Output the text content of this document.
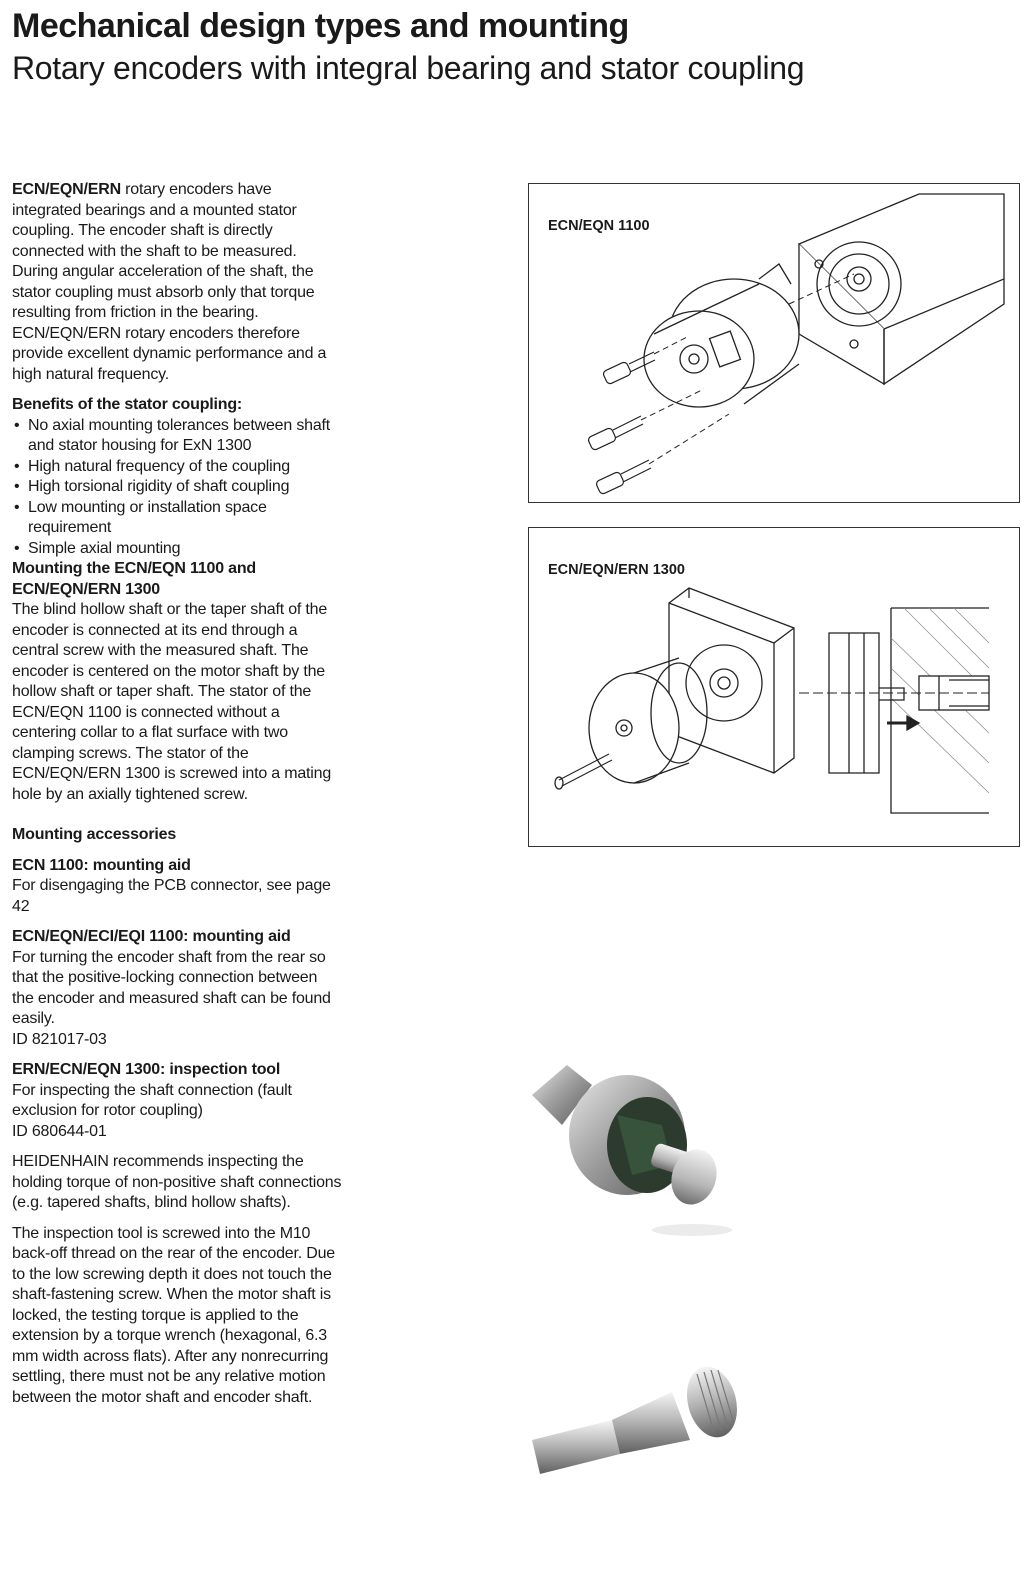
Mechanical design types and mounting
Rotary encoders with integral bearing and stator coupling

ECN/EQN/ERN rotary encoders have integrated bearings and a mounted stator coupling. The encoder shaft is directly connected with the shaft to be measured. During angular acceleration of the shaft, the stator coupling must absorb only that torque resulting from friction in the bearing. ECN/EQN/ERN rotary encoders therefore provide excellent dynamic performance and a high natural frequency.

Benefits of the stator coupling:

• No axial mounting tolerances between shaft and stator housing for ExN 1300
• High natural frequency of the coupling
• High torsional rigidity of shaft coupling
• Low mounting or installation space requirement
• Simple axial mounting

Mounting the ECN/EQN 1100 and ECN/EQN/ERN 1300

The blind hollow shaft or the taper shaft of the encoder is connected at its end through a central screw with the measured shaft. The encoder is centered on the motor shaft by the hollow shaft or taper shaft. The stator of the ECN/EQN 1100 is connected without a centering collar to a flat surface with two clamping screws. The stator of the ECN/EQN/ERN 1300 is screwed into a mating hole by an axially tightened screw.

Mounting accessories

ECN 1100: mounting aid

For disengaging the PCB connector, see page 42

ECN/EQN/ECI/EQI 1100: mounting aid

For turning the encoder shaft from the rear so that the positive-locking connection between the encoder and measured shaft can be found easily.

ID 821017-03

ERN/ECN/EQN 1300: inspection tool

For inspecting the shaft connection (fault exclusion for rotor coupling)

ID 680644-01

HEIDENHAIN recommends inspecting the holding torque of non-positive shaft connections (e.g. tapered shafts, blind hollow shafts).

The inspection tool is screwed into the M10 back-off thread on the rear of the encoder. Due to the low screwing depth it does not touch the shaft-fastening screw. When the motor shaft is locked, the testing torque is applied to the extension by a torque wrench (hexagonal, 6.3 mm width across flats). After any nonrecurring settling, there must not be any relative motion between the motor shaft and encoder shaft.

ECN/EQN 1100
ECN/EQN/ERN 1300
